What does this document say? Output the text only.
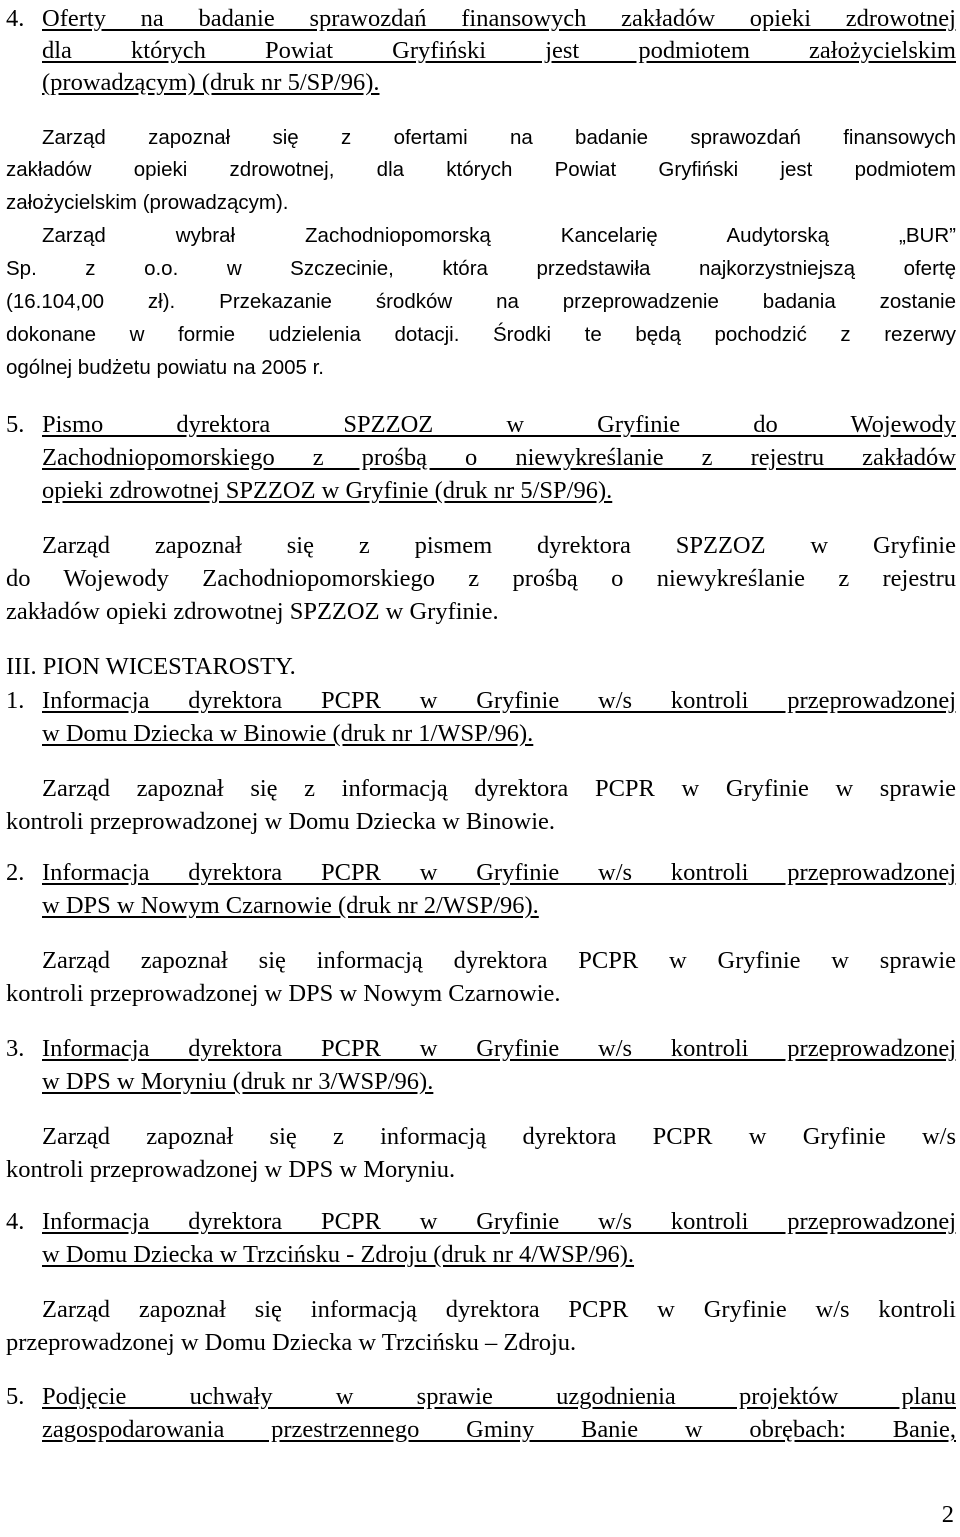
4. Oferty na badanie sprawozdań finansowych zakładów opieki zdrowotnej
dla których Powiat Gryfiński jest podmiotem założycielskim
(prowadzącym) (druk nr 5/SP/96).
Zarząd zapoznał się z ofertami na badanie sprawozdań finansowych
zakładów opieki zdrowotnej, dla których Powiat Gryfiński jest podmiotem
założycielskim (prowadzącym).
Zarząd wybrał Zachodniopomorską Kancelarię Audytorską „BUR”
Sp. z o.o. w Szczecinie, która przedstawiła najkorzystniejszą ofertę
(16.104,00 zł). Przekazanie środków na przeprowadzenie badania zostanie
dokonane w formie udzielenia dotacji. Środki te będą pochodzić z rezerwy
ogólnej budżetu powiatu na 2005 r.
5. Pismo dyrektora SPZZOZ w Gryfinie do Wojewody
Zachodniopomorskiego z prośbą o niewykreślanie z rejestru zakładów
opieki zdrowotnej SPZZOZ w Gryfinie (druk nr 5/SP/96).
Zarząd zapoznał się z pismem dyrektora SPZZOZ w Gryfinie
do Wojewody Zachodniopomorskiego z prośbą o niewykreślanie z rejestru
zakładów opieki zdrowotnej SPZZOZ w Gryfinie.
III. PION WICESTAROSTY.
1. Informacja dyrektora PCPR w Gryfinie w/s kontroli przeprowadzonej
w Domu Dziecka w Binowie (druk nr 1/WSP/96).
Zarząd zapoznał się z informacją dyrektora PCPR w Gryfinie w sprawie
kontroli przeprowadzonej w Domu Dziecka w Binowie.
2. Informacja dyrektora PCPR w Gryfinie w/s kontroli przeprowadzonej
w DPS w Nowym Czarnowie (druk nr 2/WSP/96).
Zarząd zapoznał się informacją dyrektora PCPR w Gryfinie w sprawie
kontroli przeprowadzonej w DPS w Nowym Czarnowie.
3. Informacja dyrektora PCPR w Gryfinie w/s kontroli przeprowadzonej
w DPS w Moryniu (druk nr 3/WSP/96).
Zarząd zapoznał się z informacją dyrektora PCPR w Gryfinie w/s
kontroli przeprowadzonej w DPS w Moryniu.
4. Informacja dyrektora PCPR w Gryfinie w/s kontroli przeprowadzonej
w Domu Dziecka w Trzcińsku - Zdroju (druk nr 4/WSP/96).
Zarząd zapoznał się informacją dyrektora PCPR w Gryfinie w/s kontroli
przeprowadzonej w Domu Dziecka w Trzcińsku – Zdroju.
5. Podjęcie uchwały w sprawie uzgodnienia projektów planu
zagospodarowania przestrzennego Gminy Banie w obrębach: Banie,
2
